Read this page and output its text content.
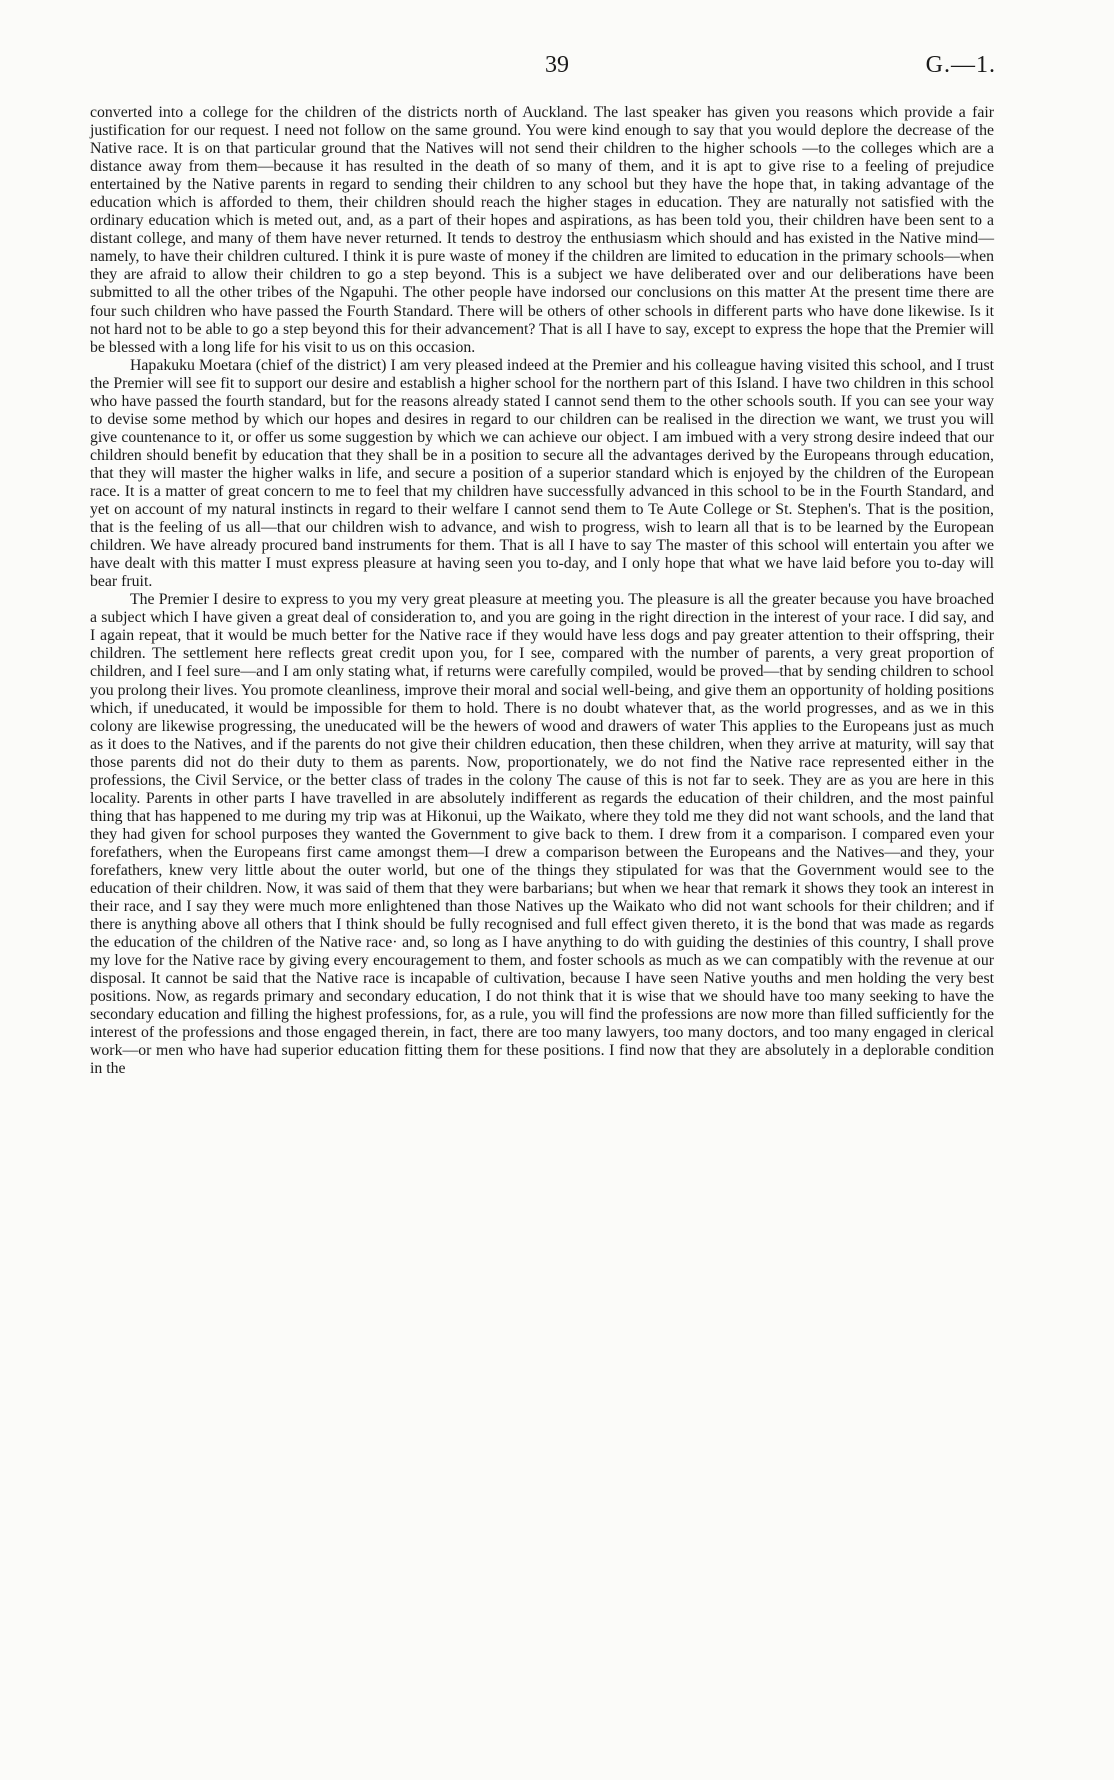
39	G.—1.

converted into a college for the children of the districts north of Auckland. The last speaker has given you reasons which provide a fair justification for our request. I need not follow on the same ground. You were kind enough to say that you would deplore the decrease of the Native race. It is on that particular ground that the Natives will not send their children to the higher schools —to the colleges which are a distance away from them—because it has resulted in the death of so many of them, and it is apt to give rise to a feeling of prejudice entertained by the Native parents in regard to sending their children to any school but they have the hope that, in taking advantage of the education which is afforded to them, their children should reach the higher stages in education. They are naturally not satisfied with the ordinary education which is meted out, and, as a part of their hopes and aspirations, as has been told you, their children have been sent to a distant college, and many of them have never returned. It tends to destroy the enthusiasm which should and has existed in the Native mind—namely, to have their children cultured. I think it is pure waste of money if the children are limited to education in the primary schools—when they are afraid to allow their children to go a step beyond. This is a subject we have deliberated over and our deliberations have been submitted to all the other tribes of the Ngapuhi. The other people have indorsed our conclusions on this matter At the present time there are four such children who have passed the Fourth Standard. There will be others of other schools in different parts who have done likewise. Is it not hard not to be able to go a step beyond this for their advancement? That is all I have to say, except to express the hope that the Premier will be blessed with a long life for his visit to us on this occasion.

Hapakuku Moetara (chief of the district) I am very pleased indeed at the Premier and his colleague having visited this school, and I trust the Premier will see fit to support our desire and establish a higher school for the northern part of this Island. I have two children in this school who have passed the fourth standard, but for the reasons already stated I cannot send them to the other schools south. If you can see your way to devise some method by which our hopes and desires in regard to our children can be realised in the direction we want, we trust you will give countenance to it, or offer us some suggestion by which we can achieve our object. I am imbued with a very strong desire indeed that our children should benefit by education that they shall be in a position to secure all the advantages derived by the Europeans through education, that they will master the higher walks in life, and secure a position of a superior standard which is enjoyed by the children of the European race. It is a matter of great concern to me to feel that my children have successfully advanced in this school to be in the Fourth Standard, and yet on account of my natural instincts in regard to their welfare I cannot send them to Te Aute College or St. Stephen's. That is the position, that is the feeling of us all—that our children wish to advance, and wish to progress, wish to learn all that is to be learned by the European children. We have already procured band instruments for them. That is all I have to say The master of this school will entertain you after we have dealt with this matter I must express pleasure at having seen you to-day, and I only hope that what we have laid before you to-day will bear fruit.

The Premier I desire to express to you my very great pleasure at meeting you. The pleasure is all the greater because you have broached a subject which I have given a great deal of consideration to, and you are going in the right direction in the interest of your race. I did say, and I again repeat, that it would be much better for the Native race if they would have less dogs and pay greater attention to their offspring, their children. The settlement here reflects great credit upon you, for I see, compared with the number of parents, a very great proportion of children, and I feel sure—and I am only stating what, if returns were carefully compiled, would be proved—that by sending children to school you prolong their lives. You promote cleanliness, improve their moral and social well-being, and give them an opportunity of holding positions which, if uneducated, it would be impossible for them to hold. There is no doubt whatever that, as the world progresses, and as we in this colony are likewise progressing, the uneducated will be the hewers of wood and drawers of water This applies to the Europeans just as much as it does to the Natives, and if the parents do not give their children education, then these children, when they arrive at maturity, will say that those parents did not do their duty to them as parents. Now, proportionately, we do not find the Native race represented either in the professions, the Civil Service, or the better class of trades in the colony The cause of this is not far to seek. They are as you are here in this locality. Parents in other parts I have travelled in are absolutely indifferent as regards the education of their children, and the most painful thing that has happened to me during my trip was at Hikonui, up the Waikato, where they told me they did not want schools, and the land that they had given for school purposes they wanted the Government to give back to them. I drew from it a comparison. I compared even your forefathers, when the Europeans first came amongst them—I drew a comparison between the Europeans and the Natives—and they, your forefathers, knew very little about the outer world, but one of the things they stipulated for was that the Government would see to the education of their children. Now, it was said of them that they were barbarians; but when we hear that remark it shows they took an interest in their race, and I say they were much more enlightened than those Natives up the Waikato who did not want schools for their children; and if there is anything above all others that I think should be fully recognised and full effect given thereto, it is the bond that was made as regards the education of the children of the Native race· and, so long as I have anything to do with guiding the destinies of this country, I shall prove my love for the Native race by giving every encouragement to them, and foster schools as much as we can compatibly with the revenue at our disposal. It cannot be said that the Native race is incapable of cultivation, because I have seen Native youths and men holding the very best positions. Now, as regards primary and secondary education, I do not think that it is wise that we should have too many seeking to have the secondary education and filling the highest professions, for, as a rule, you will find the professions are now more than filled sufficiently for the interest of the professions and those engaged therein, in fact, there are too many lawyers, too many doctors, and too many engaged in clerical work—or men who have had superior education fitting them for these positions. I find now that they are absolutely in a deplorable condition in the
